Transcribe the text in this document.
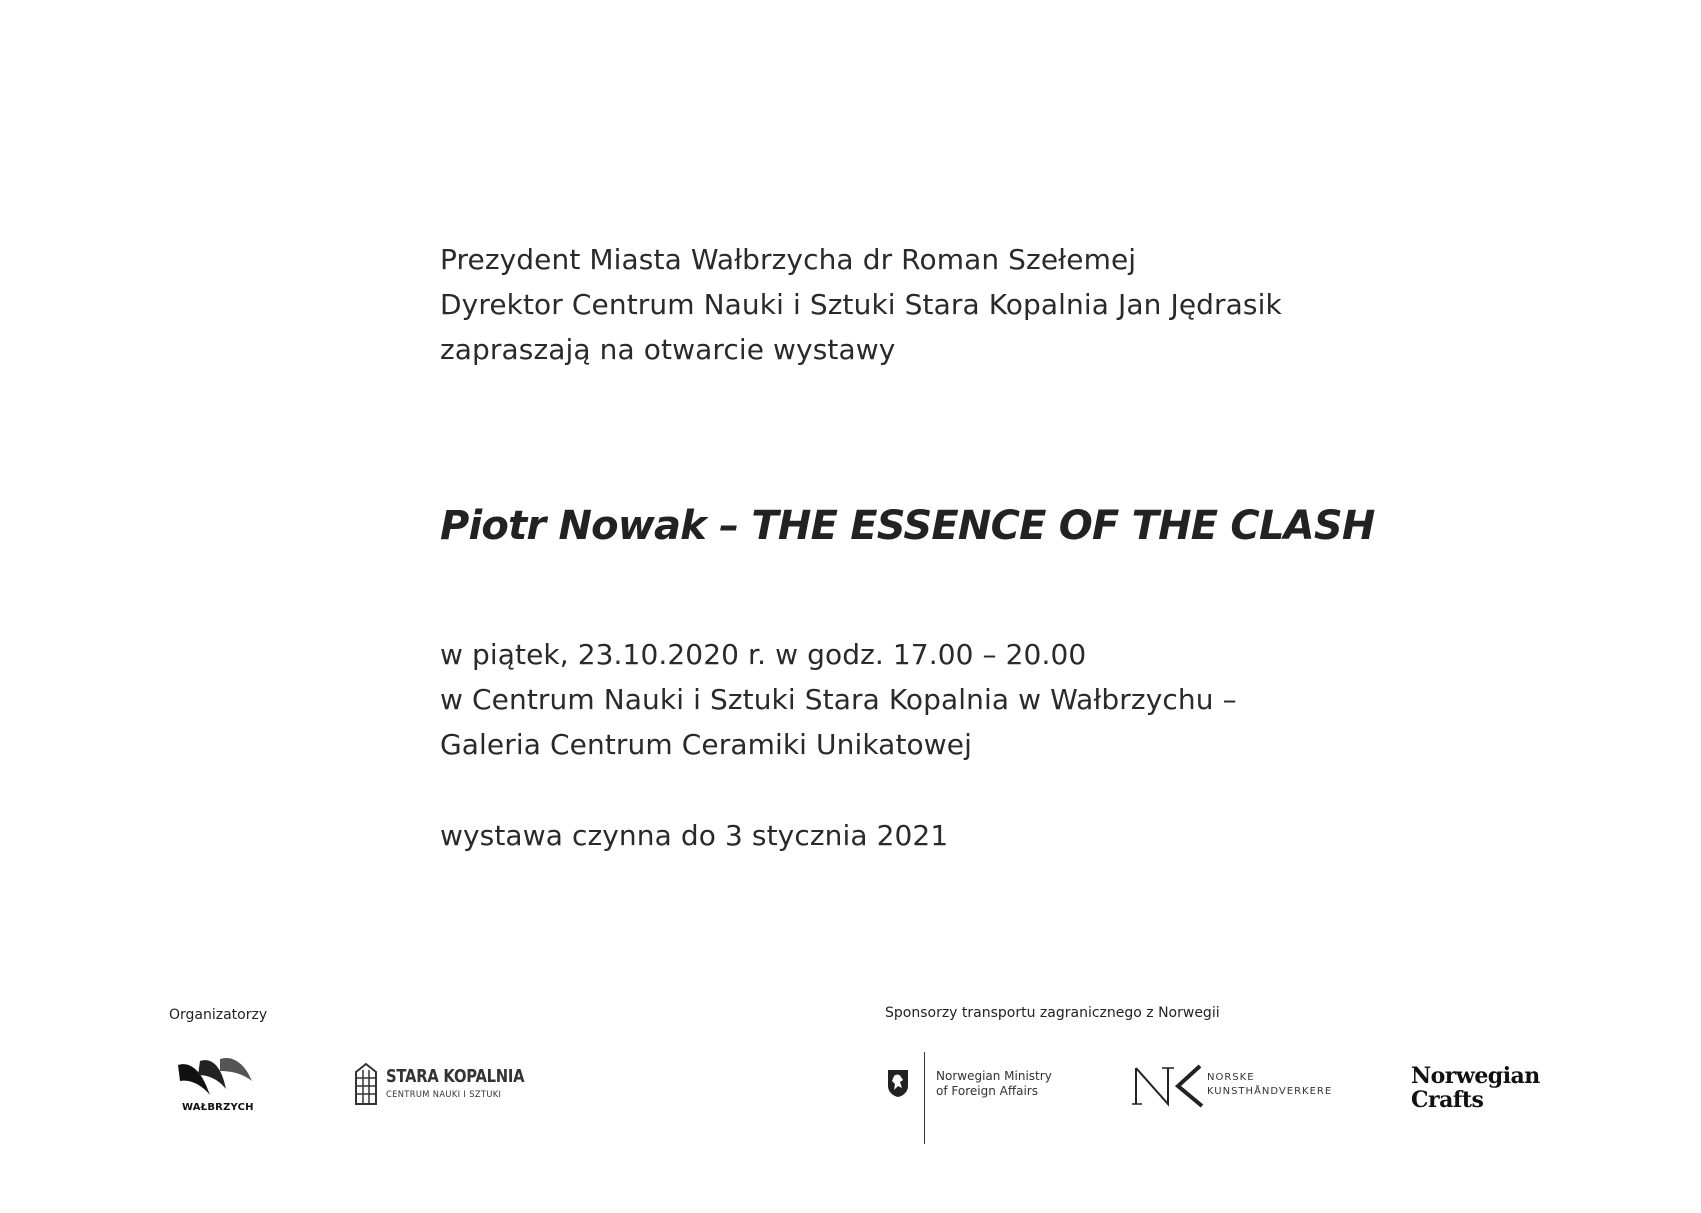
Prezydent Miasta Wałbrzycha dr Roman Szełemej
Dyrektor Centrum Nauki i Sztuki Stara Kopalnia Jan Jędrasik
zapraszają na otwarcie wystawy
Piotr Nowak – THE ESSENCE OF THE CLASH
w piątek, 23.10.2020 r. w godz. 17.00 – 20.00
w Centrum Nauki i Sztuki Stara Kopalnia w Wałbrzychu –
Galeria Centrum Ceramiki Unikatowej
wystawa czynna do 3 stycznia 2021
Organizatorzy
WAŁBRZYCH
STARA KOPALNIA
CENTRUM NAUKI I SZTUKI
Sponsorzy transportu zagranicznego z Norwegii
Norwegian Ministry
of Foreign Affairs
NORSKE
KUNSTHÅNDVERKERE
Norwegian
Crafts
